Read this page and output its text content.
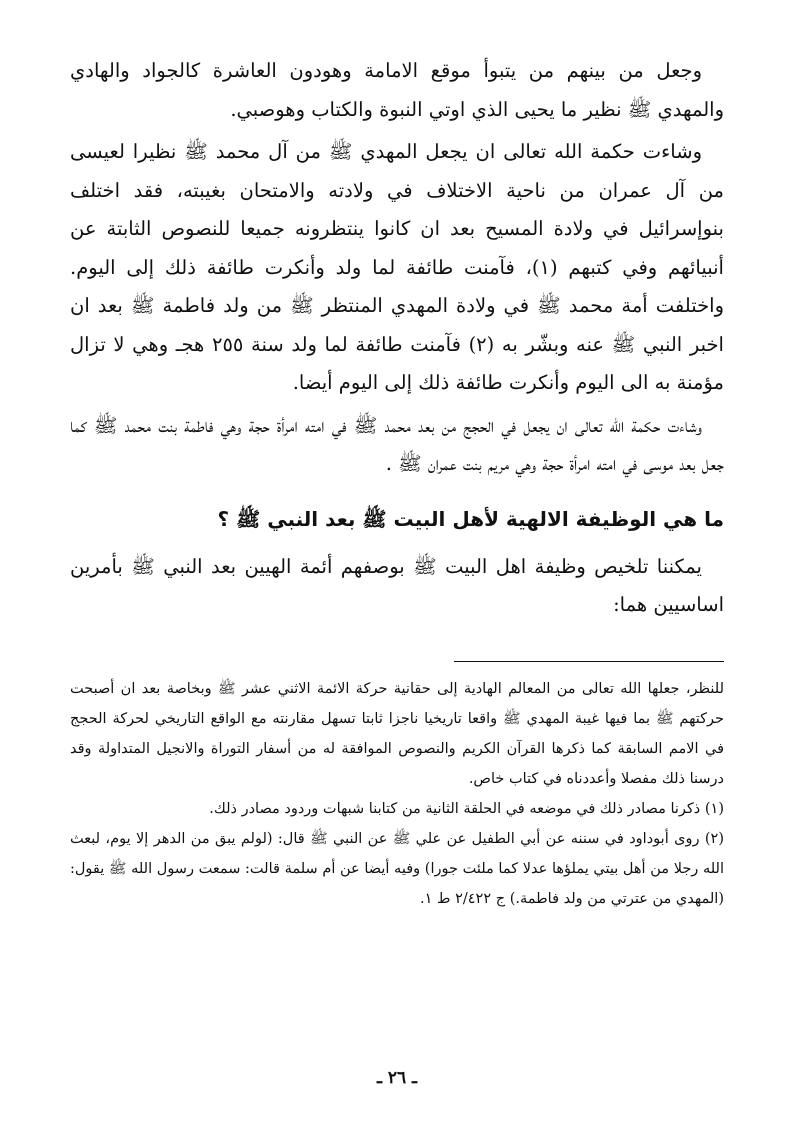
وجعل من بينهم من يتبوأ موقع الامامة وهودون العاشرة كالجواد والهادي والمهدي ﷺ نظير ما يحيى الذي اوتي النبوة والكتاب وهوصبي.

وشاءت حكمة الله تعالى ان يجعل المهدي ﷺ من آل محمد ﷺ نظيرا لعيسى من آل عمران من ناحية الاختلاف في ولادته والامتحان بغيبته، فقد اختلف بنوإسرائيل في ولادة المسيح بعد ان كانوا ينتظرونه جميعا للنصوص الثابتة عن أنبيائهم وفي كتبهم (١)، فآمنت طائفة لما ولد وأنكرت طائفة ذلك إلى اليوم. واختلفت أمة محمد ﷺ في ولادة المهدي المنتظر ﷺ من ولد فاطمة ﷺ بعد ان اخبر النبي ﷺ عنه وبشّر به (٢) فآمنت طائفة لما ولد سنة ٢٥٥ هجـ وهي لا تزال مؤمنة به الى اليوم وأنكرت طائفة ذلك إلى اليوم أيضا.

وشاءت حكمة الله تعالى ان يجعل في الحجج من بعد محمد ﷺ في امته امرأة حجة وهي فاطمة بنت محمد ﷺ كما جعل بعد موسى في امته امرأة حجة وهي مريم بنت عمران ﷺ .

ما هي الوظيفة الالهية لأهل البيت ﷺ بعد النبي ﷺ ؟

يمكننا تلخيص وظيفة اهل البيت ﷺ بوصفهم أئمة الهيين بعد النبي ﷺ بأمرين اساسيين هما:

للنظر، جعلها الله تعالى من المعالم الهادية إلى حقانية حركة الائمة الاثني عشر ﷺ وبخاصة بعد ان أصبحت حركتهم ﷺ بما فيها غيبة المهدي ﷺ واقعا تاريخيا ناجزا ثابتا تسهل مقارنته مع الواقع التاريخي لحركة الحجج في الامم السابقة كما ذكرها القرآن الكريم والنصوص الموافقة له من أسفار التوراة والانجيل المتداولة وقد درسنا ذلك مفصلا وأعددناه في كتاب خاص.

(١) ذكرنا مصادر ذلك في موضعه في الحلقة الثانية من كتابنا شبهات وردود مصادر ذلك.

(٢) روى أبوداود في سننه عن أبي الطفيل عن علي ﷺ عن النبي ﷺ قال: (لولم يبق من الدهر إلا يوم، لبعث الله رجلا من أهل بيتي يملؤها عدلا كما ملئت جورا) وفيه أيضا عن أم سلمة قالت: سمعت رسول الله ﷺ يقول: (المهدي من عترتي من ولد فاطمة.) ج ٢/٤٢٢ ط ١.

ـ ٢٦ ـ
